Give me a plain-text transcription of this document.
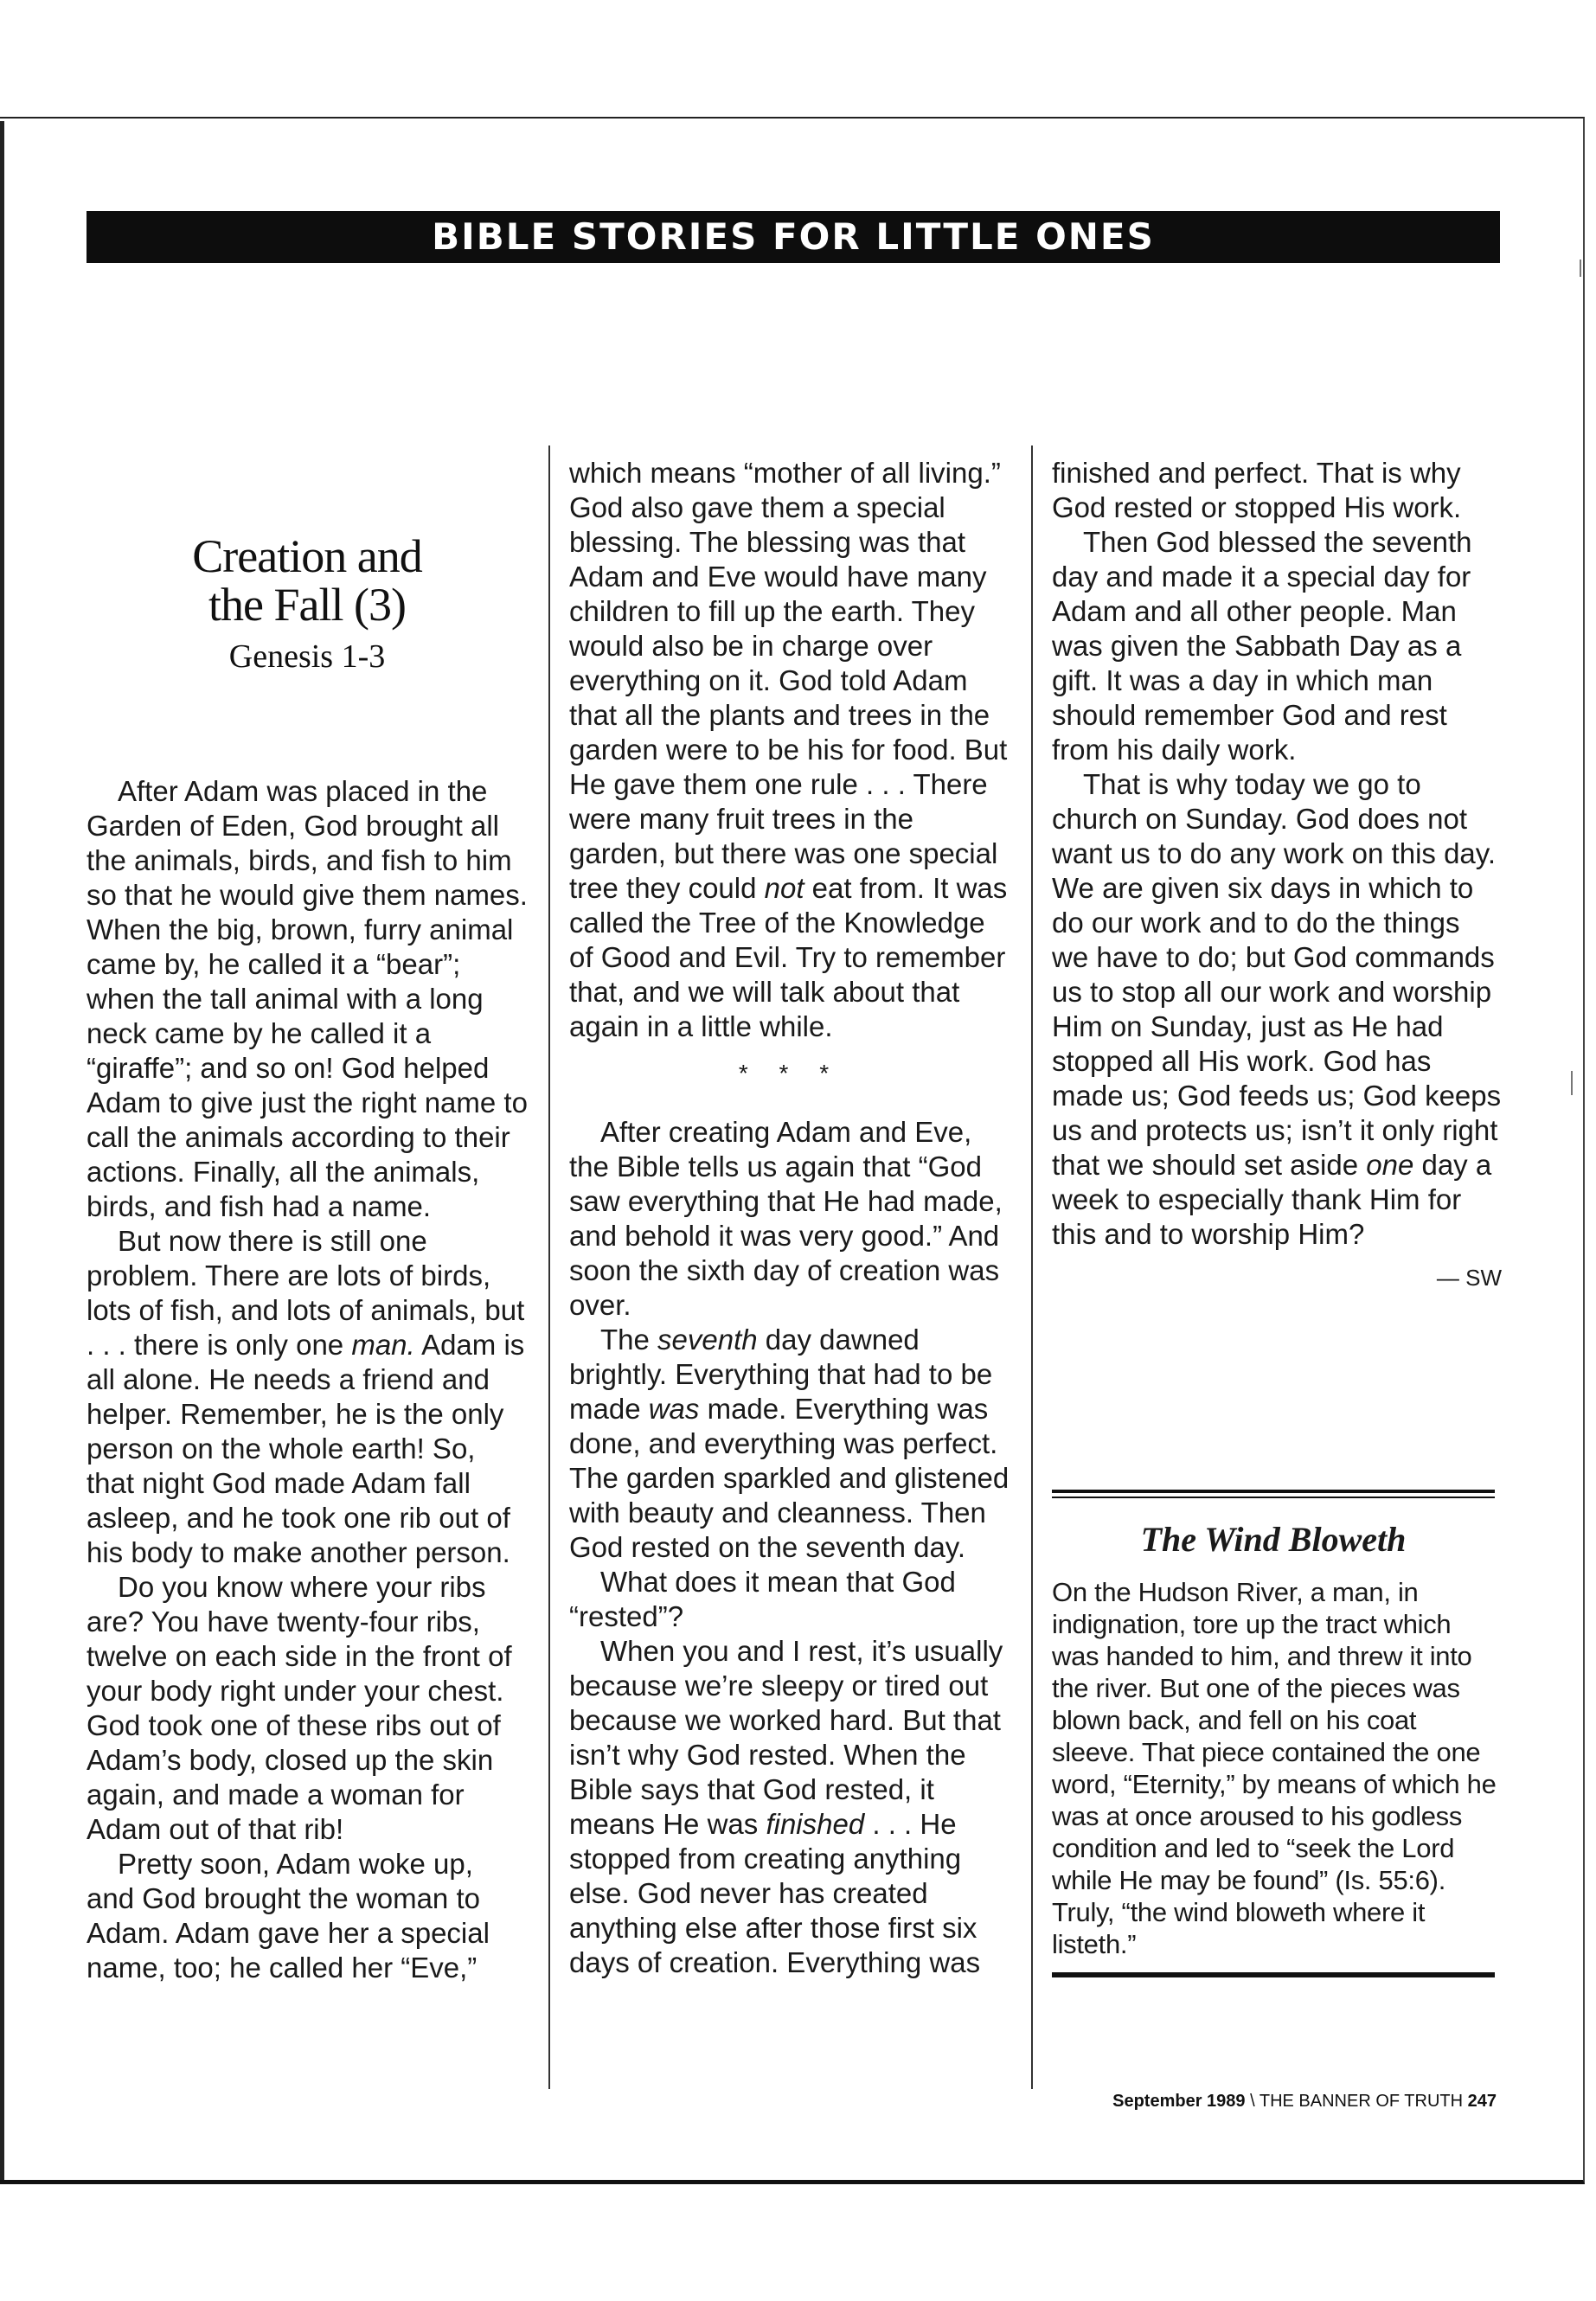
BIBLE STORIES FOR LITTLE ONES
Creation and
the Fall (3)
Genesis 1-3

After Adam was placed in the Garden of Eden, God brought all the animals, birds, and fish to him so that he would give them names. When the big, brown, furry animal came by, he called it a “bear”; when the tall animal with a long neck came by he called it a “giraffe”; and so on! God helped Adam to give just the right name to call the animals according to their actions. Finally, all the animals, birds, and fish had a name.

But now there is still one problem. There are lots of birds, lots of fish, and lots of animals, but . . . there is only one man. Adam is all alone. He needs a friend and helper. Remember, he is the only person on the whole earth! So, that night God made Adam fall asleep, and he took one rib out of his body to make another person.

Do you know where your ribs are? You have twenty-four ribs, twelve on each side in the front of your body right under your chest. God took one of these ribs out of Adam’s body, closed up the skin again, and made a woman for Adam out of that rib!

Pretty soon, Adam woke up, and God brought the woman to Adam. Adam gave her a special name, too; he called her “Eve,”

which means “mother of all living.” God also gave them a special blessing. The blessing was that Adam and Eve would have many children to fill up the earth. They would also be in charge over everything on it. God told Adam that all the plants and trees in the garden were to be his for food. But He gave them one rule . . . There were many fruit trees in the garden, but there was one special tree they could not eat from. It was called the Tree of the Knowledge of Good and Evil. Try to remember that, and we will talk about that again in a little while.

* * *

After creating Adam and Eve, the Bible tells us again that “God saw everything that He had made, and behold it was very good.” And soon the sixth day of creation was over.

The seventh day dawned brightly. Everything that had to be made was made. Everything was done, and everything was perfect. The garden sparkled and glistened with beauty and cleanness. Then God rested on the seventh day.

What does it mean that God “rested”?

When you and I rest, it’s usually because we’re sleepy or tired out because we worked hard. But that isn’t why God rested. When the Bible says that God rested, it means He was finished . . . He stopped from creating anything else. God never has created anything else after those first six days of creation. Everything was

finished and perfect. That is why God rested or stopped His work.

Then God blessed the seventh day and made it a special day for Adam and all other people. Man was given the Sabbath Day as a gift. It was a day in which man should remember God and rest from his daily work.

That is why today we go to church on Sunday. God does not want us to do any work on this day. We are given six days in which to do our work and to do the things we have to do; but God commands us to stop all our work and worship Him on Sunday, just as He had stopped all His work. God has made us; God feeds us; God keeps us and protects us; isn’t it only right that we should set aside one day a week to especially thank Him for this and to worship Him?

— SW
The Wind Bloweth

On the Hudson River, a man, in indignation, tore up the tract which was handed to him, and threw it into the river. But one of the pieces was blown back, and fell on his coat sleeve. That piece contained the one word, “Eternity,” by means of which he was at once aroused to his godless condition and led to “seek the Lord while He may be found” (Is. 55:6). Truly, “the wind bloweth where it listeth.”

September 1989 \ THE BANNER OF TRUTH 247
